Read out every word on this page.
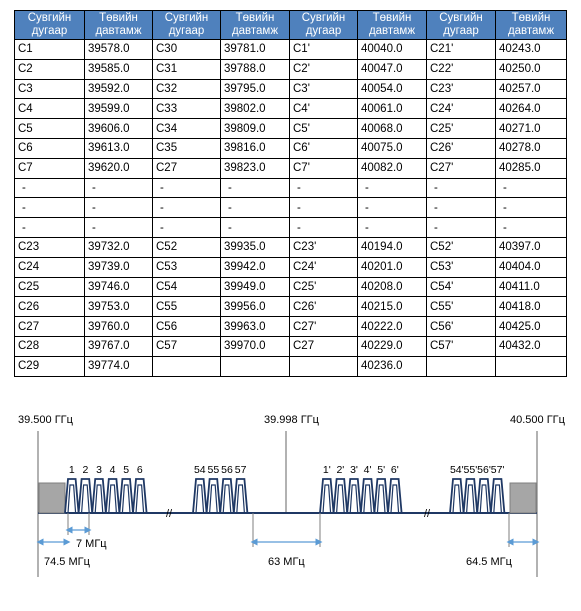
Сувгийн дугаар	Төвийн давтамж	Сувгийн дугаар	Төвийн давтамж	Сувгийн дугаар	Төвийн давтамж	Сувгийн дугаар	Төвийн давтамж
C1	39578.0	C30	39781.0	C1'	40040.0	C21'	40243.0
C2	39585.0	C31	39788.0	C2'	40047.0	C22'	40250.0
C3	39592.0	C32	39795.0	C3'	40054.0	C23'	40257.0
C4	39599.0	C33	39802.0	C4'	40061.0	C24'	40264.0
C5	39606.0	C34	39809.0	C5'	40068.0	C25'	40271.0
C6	39613.0	C35	39816.0	C6'	40075.0	C26'	40278.0
C7	39620.0	C27	39823.0	C7'	40082.0	C27'	40285.0
-	-	-	-	-	-	-	-
-	-	-	-	-	-	-	-
-	-	-	-	-	-	-	-
C23	39732.0	C52	39935.0	C23'	40194.0	C52'	40397.0
C24	39739.0	C53	39942.0	C24'	40201.0	C53'	40404.0
C25	39746.0	C54	39949.0	C25'	40208.0	C54'	40411.0
C26	39753.0	C55	39956.0	C26'	40215.0	C55'	40418.0
C27	39760.0	C56	39963.0	C27'	40222.0	C56'	40425.0
C28	39767.0	C57	39970.0	C27	40229.0	C57'	40432.0
C29	39774.0				40236.0		
39.500 ГГц	39.998 ГГц	40.500 ГГц
1 2 3 4 5 6	54 55 56 57	1' 2' 3' 4' 5' 6'	54' 55' 56' 57'
//	//
7 МГц
74.5 МГц	63 МГц	64.5 МГц
